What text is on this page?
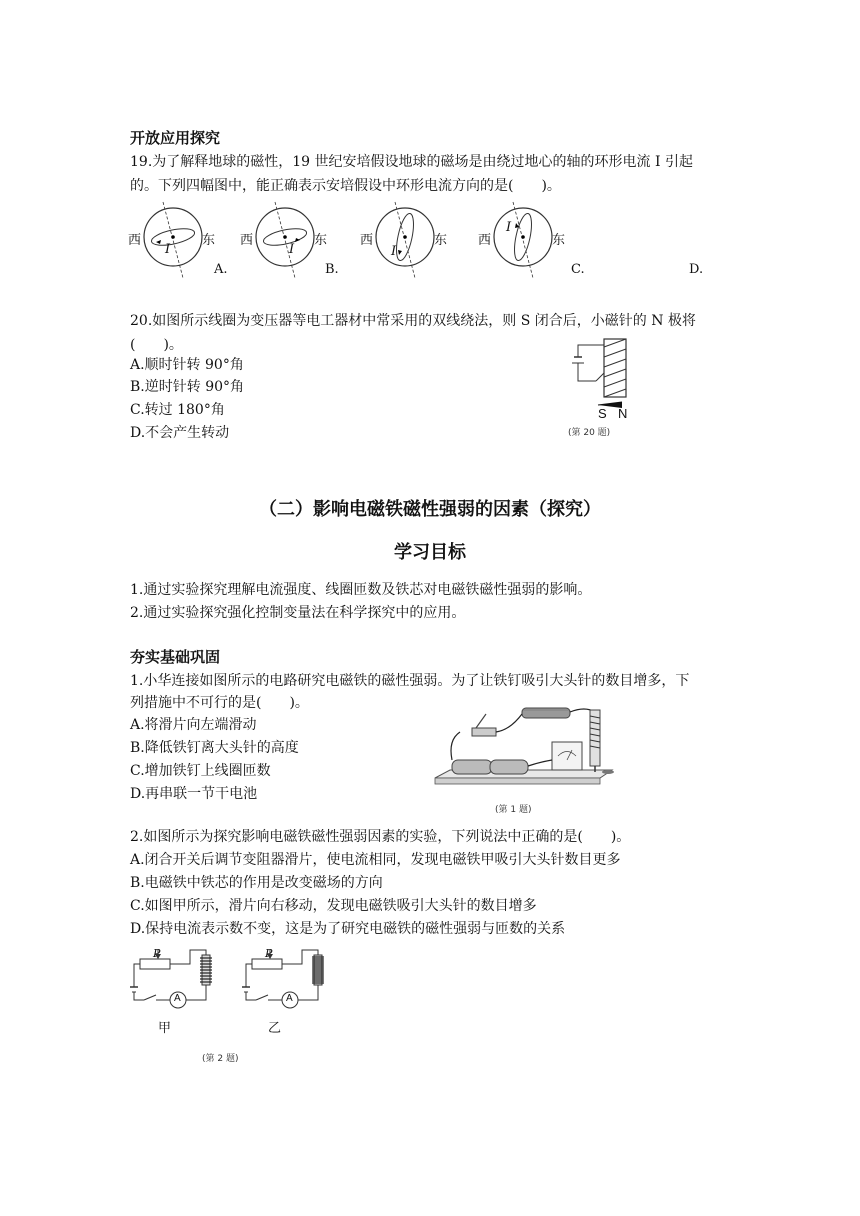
开放应用探究
19.为了解释地球的磁性，19 世纪安培假设地球的磁场是由绕过地心的轴的环形电流 I 引起
的。下列四幅图中，能正确表示安培假设中环形电流方向的是(　　)。
西	东
I
A.
西	东
I
B.
西	东
I
C.
西	东
I
D.
20.如图所示线圈为变压器等电工器材中常采用的双线绕法，则 S 闭合后，小磁针的 N 极将
(　　)。
A.顺时针转 90°角
B.逆时针转 90°角
C.转过 180°角
D.不会产生转动
S N
(第 20 题)
（二）影响电磁铁磁性强弱的因素（探究）
学习目标
1.通过实验探究理解电流强度、线圈匝数及铁芯对电磁铁磁性强弱的影响。
2.通过实验探究强化控制变量法在科学探究中的应用。
夯实基础巩固
1.小华连接如图所示的电路研究电磁铁的磁性强弱。为了让铁钉吸引大头针的数目增多，下
列措施中不可行的是(　　)。
A.将滑片向左端滑动
B.降低铁钉离大头针的高度
C.增加铁钉上线圈匝数
D.再串联一节干电池
(第 1 题)
2.如图所示为探究影响电磁铁磁性强弱因素的实验，下列说法中正确的是(　　)。
A.闭合开关后调节变阻器滑片，使电流相同，发现电磁铁甲吸引大头针数目更多
B.电磁铁中铁芯的作用是改变磁场的方向
C.如图甲所示，滑片向右移动，发现电磁铁吸引大头针的数目增多
D.保持电流表示数不变，这是为了研究电磁铁的磁性强弱与匝数的关系
P
A
甲
P
A
乙
(第 2 题)
